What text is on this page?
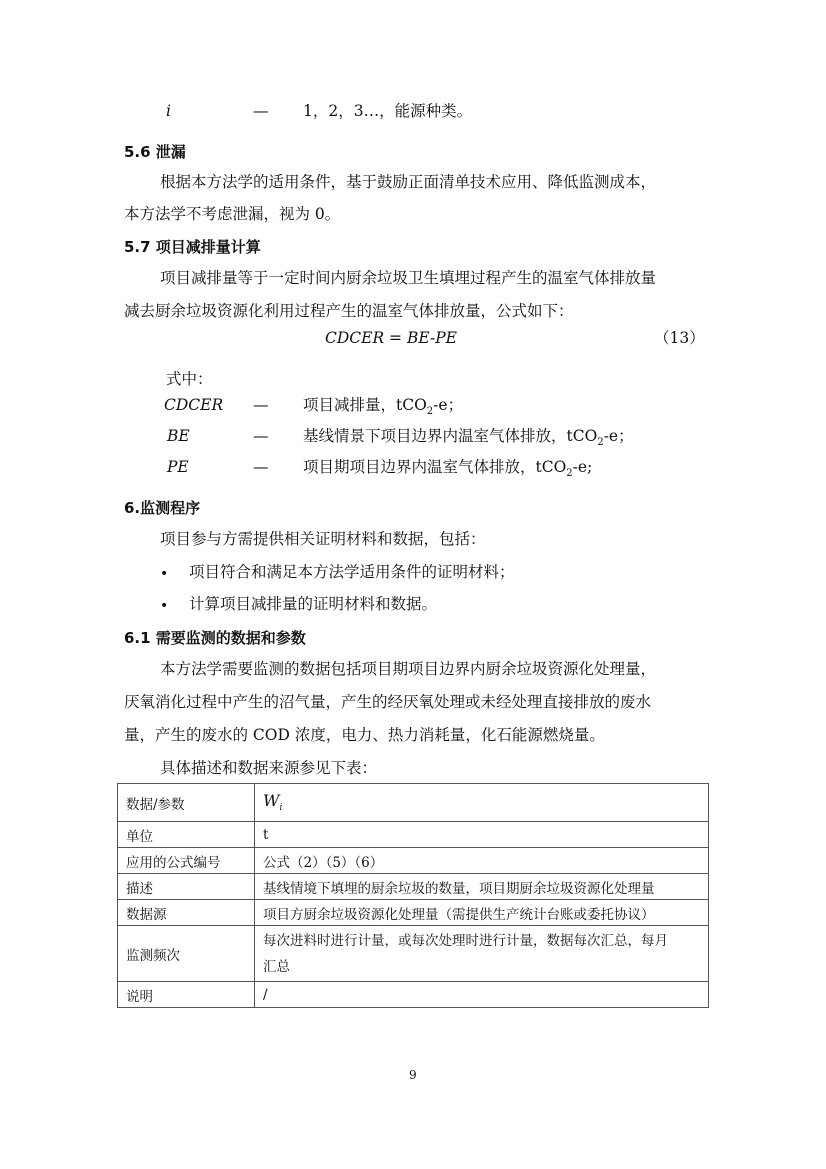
i	— 1，2，3…，能源种类。
5.6 泄漏
根据本方法学的适用条件，基于鼓励正面清单技术应用、降低监测成本，
本方法学不考虑泄漏，视为 0。
5.7 项目减排量计算
项目减排量等于一定时间内厨余垃圾卫生填埋过程产生的温室气体排放量
减去厨余垃圾资源化利用过程产生的温室气体排放量，公式如下：
CDCER = BE-PE	（13）
式中：
CDCER — 项目减排量，tCO$_2$-e；
BE	— 基线情景下项目边界内温室气体排放，tCO$_2$-e；
PE	— 项目期项目边界内温室气体排放，tCO$_2$-e;
6.监测程序
项目参与方需提供相关证明材料和数据，包括：
• 项目符合和满足本方法学适用条件的证明材料；
• 计算项目减排量的证明材料和数据。
6.1 需要监测的数据和参数
本方法学需要监测的数据包括项目期项目边界内厨余垃圾资源化处理量，
厌氧消化过程中产生的沼气量，产生的经厌氧处理或未经处理直接排放的废水
量，产生的废水的 COD 浓度，电力、热力消耗量，化石能源燃烧量。
具体描述和数据来源参见下表：
数据/参数	$W_i$
单位	t
应用的公式编号	公式（2）（5）（6）
描述	基线情境下填埋的厨余垃圾的数量，项目期厨余垃圾资源化处理量
数据源	项目方厨余垃圾资源化处理量（需提供生产统计台账或委托协议）
监测频次	每次进料时进行计量，或每次处理时进行计量，数据每次汇总，每月
汇总

说明	/
9
